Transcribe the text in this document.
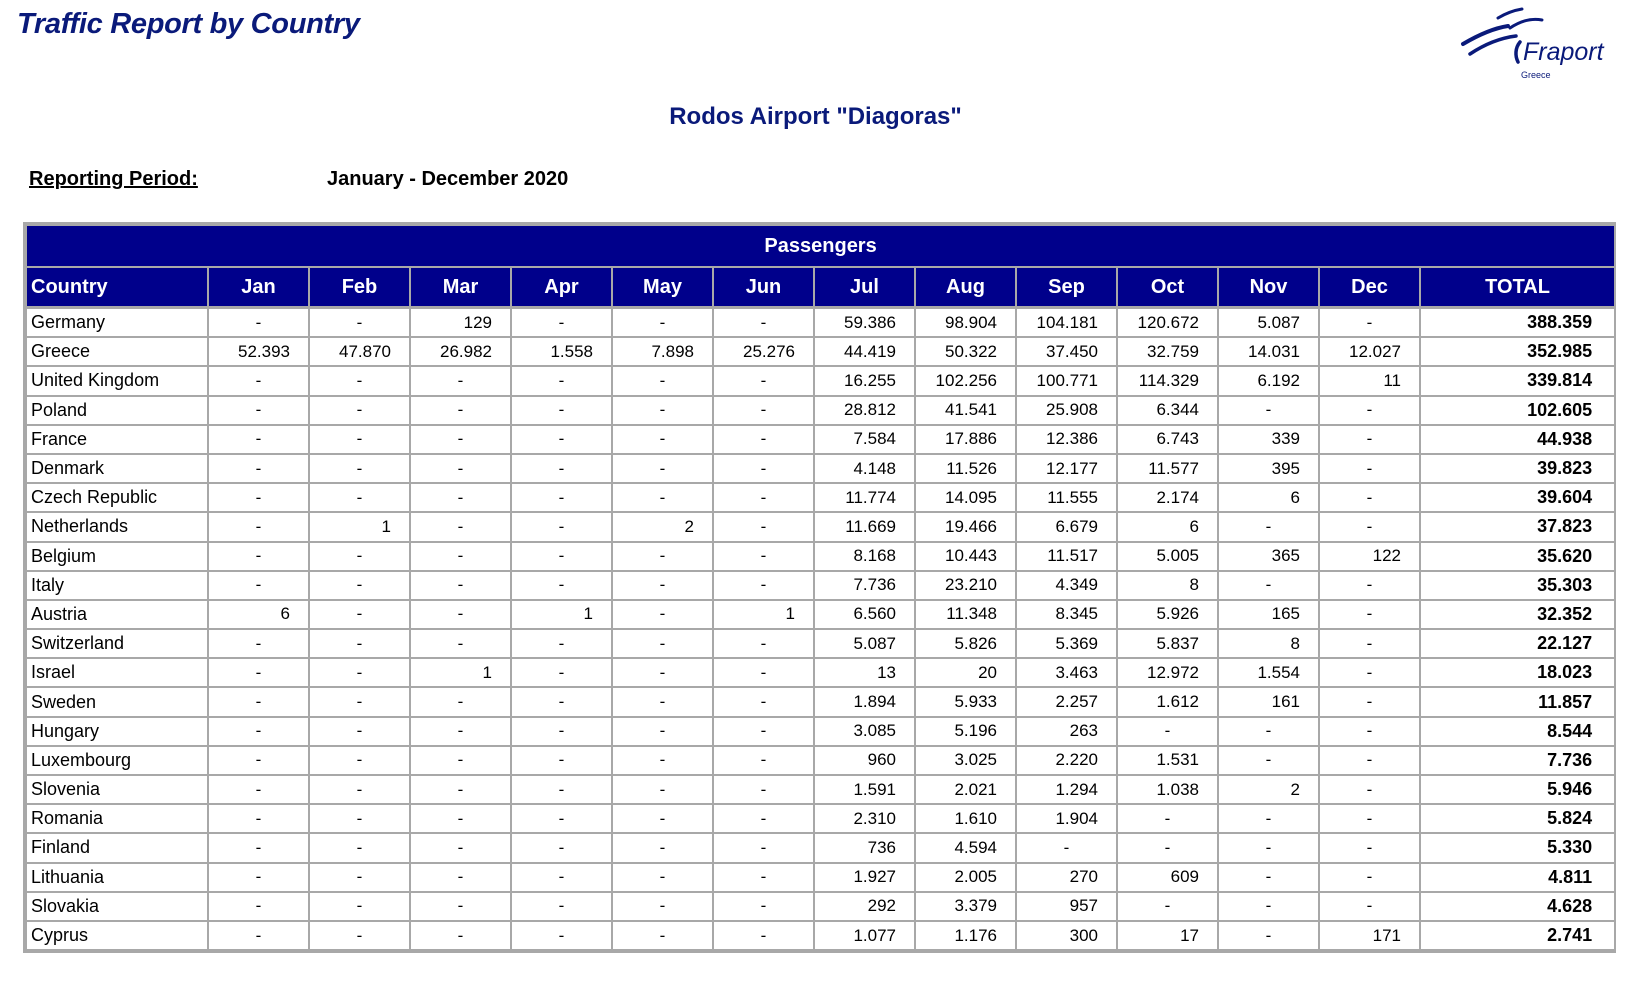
Traffic Report by Country
Fraport
Greece
Rodos Airport "Diagoras"
Reporting Period:	January - December 2020
Passengers													
Country	Jan	Feb	Mar	Apr	May	Jun	Jul	Aug	Sep	Oct	Nov	Dec	TOTAL
Germany	-	-	129	-	-	-	59.386	98.904	104.181	120.672	5.087	-	388.359
Greece	52.393	47.870	26.982	1.558	7.898	25.276	44.419	50.322	37.450	32.759	14.031	12.027	352.985
United Kingdom	-	-	-	-	-	-	16.255	102.256	100.771	114.329	6.192	11	339.814
Poland	-	-	-	-	-	-	28.812	41.541	25.908	6.344	-	-	102.605
France	-	-	-	-	-	-	7.584	17.886	12.386	6.743	339	-	44.938
Denmark	-	-	-	-	-	-	4.148	11.526	12.177	11.577	395	-	39.823
Czech Republic	-	-	-	-	-	-	11.774	14.095	11.555	2.174	6	-	39.604
Netherlands	-	1	-	-	2	-	11.669	19.466	6.679	6	-	-	37.823
Belgium	-	-	-	-	-	-	8.168	10.443	11.517	5.005	365	122	35.620
Italy	-	-	-	-	-	-	7.736	23.210	4.349	8	-	-	35.303
Austria	6	-	-	1	-	1	6.560	11.348	8.345	5.926	165	-	32.352
Switzerland	-	-	-	-	-	-	5.087	5.826	5.369	5.837	8	-	22.127
Israel	-	-	1	-	-	-	13	20	3.463	12.972	1.554	-	18.023
Sweden	-	-	-	-	-	-	1.894	5.933	2.257	1.612	161	-	11.857
Hungary	-	-	-	-	-	-	3.085	5.196	263	-	-	-	8.544
Luxembourg	-	-	-	-	-	-	960	3.025	2.220	1.531	-	-	7.736
Slovenia	-	-	-	-	-	-	1.591	2.021	1.294	1.038	2	-	5.946
Romania	-	-	-	-	-	-	2.310	1.610	1.904	-	-	-	5.824
Finland	-	-	-	-	-	-	736	4.594	-	-	-	-	5.330
Lithuania	-	-	-	-	-	-	1.927	2.005	270	609	-	-	4.811
Slovakia	-	-	-	-	-	-	292	3.379	957	-	-	-	4.628
Cyprus	-	-	-	-	-	-	1.077	1.176	300	17	-	171	2.741
